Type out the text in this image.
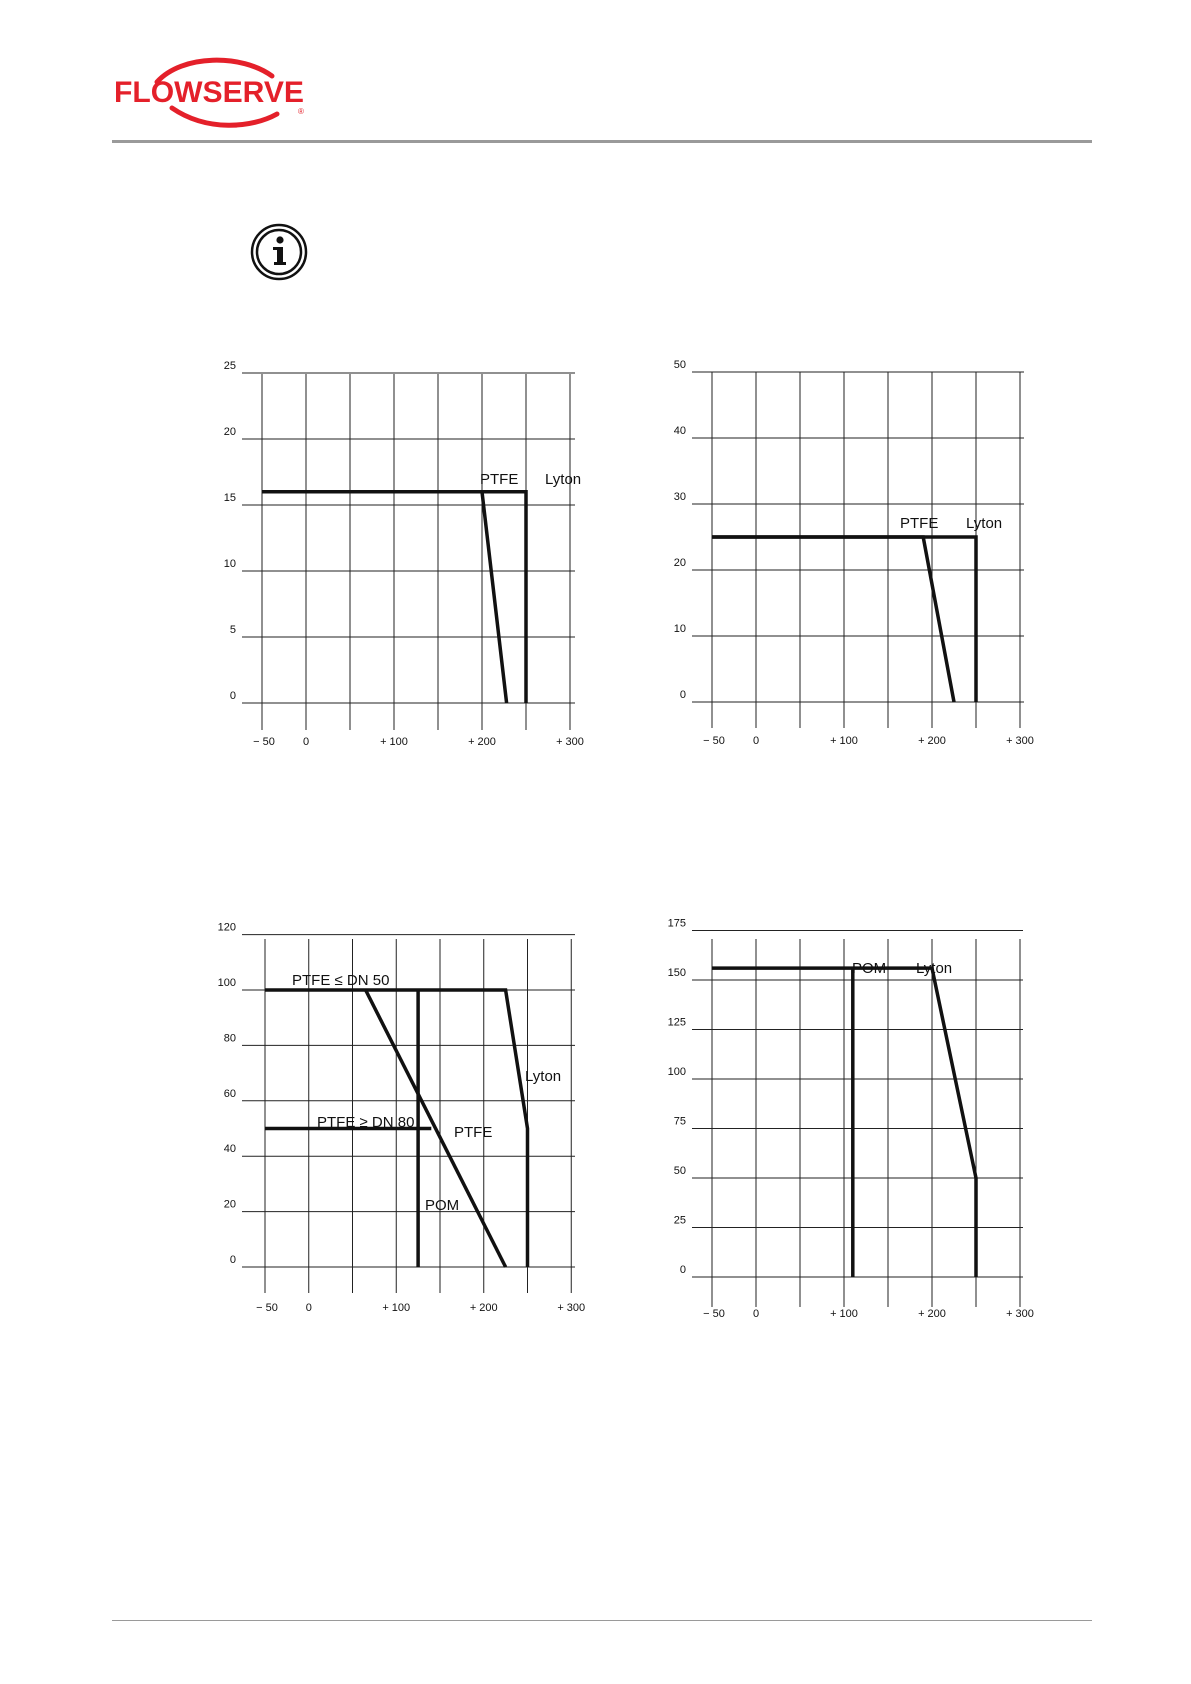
FLOWSERVE
®
0
5
10
15
20
25
− 50	0	+ 100	+ 200	+ 300
PTFE Lyton
0
10
20
30
40
50
− 50	0	+ 100	+ 200	+ 300
PTFE Lyton
0
20
40
60
80
100
120
− 50	0	+ 100	+ 200	+ 300
PTFE ≤ DN 50
PTFE ≥ DN 80
PTFE
Lyton
POM
0
25
50
75
100
125
150
175
− 50	0	+ 100	+ 200	+ 300
POM Lyton
